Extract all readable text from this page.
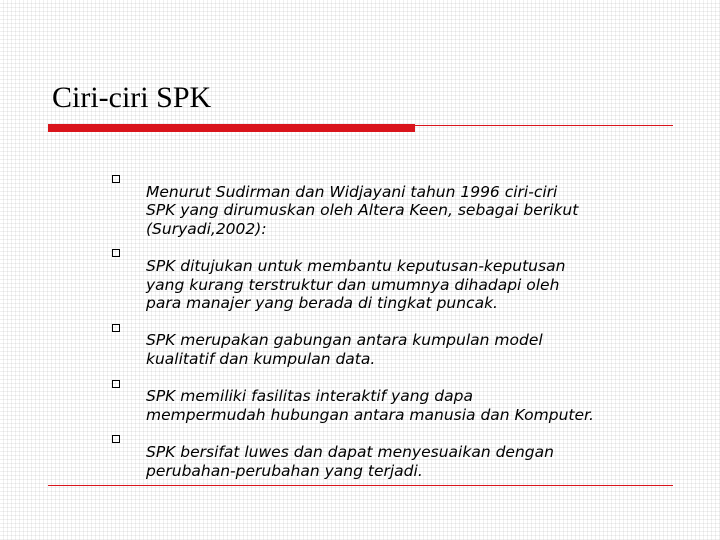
Ciri-ciri SPK

Menurut Sudirman dan Widjayani tahun 1996 ciri-ciri
SPK yang dirumuskan oleh Altera Keen, sebagai berikut
(Suryadi,2002):

SPK ditujukan untuk membantu keputusan-keputusan
yang kurang terstruktur dan umumnya dihadapi oleh
para manajer yang berada di tingkat puncak.

SPK merupakan gabungan antara kumpulan model
kualitatif dan kumpulan data.

SPK memiliki fasilitas interaktif yang dapa
mempermudah hubungan antara manusia dan Komputer.

SPK bersifat luwes dan dapat menyesuaikan dengan
perubahan-perubahan yang terjadi.
